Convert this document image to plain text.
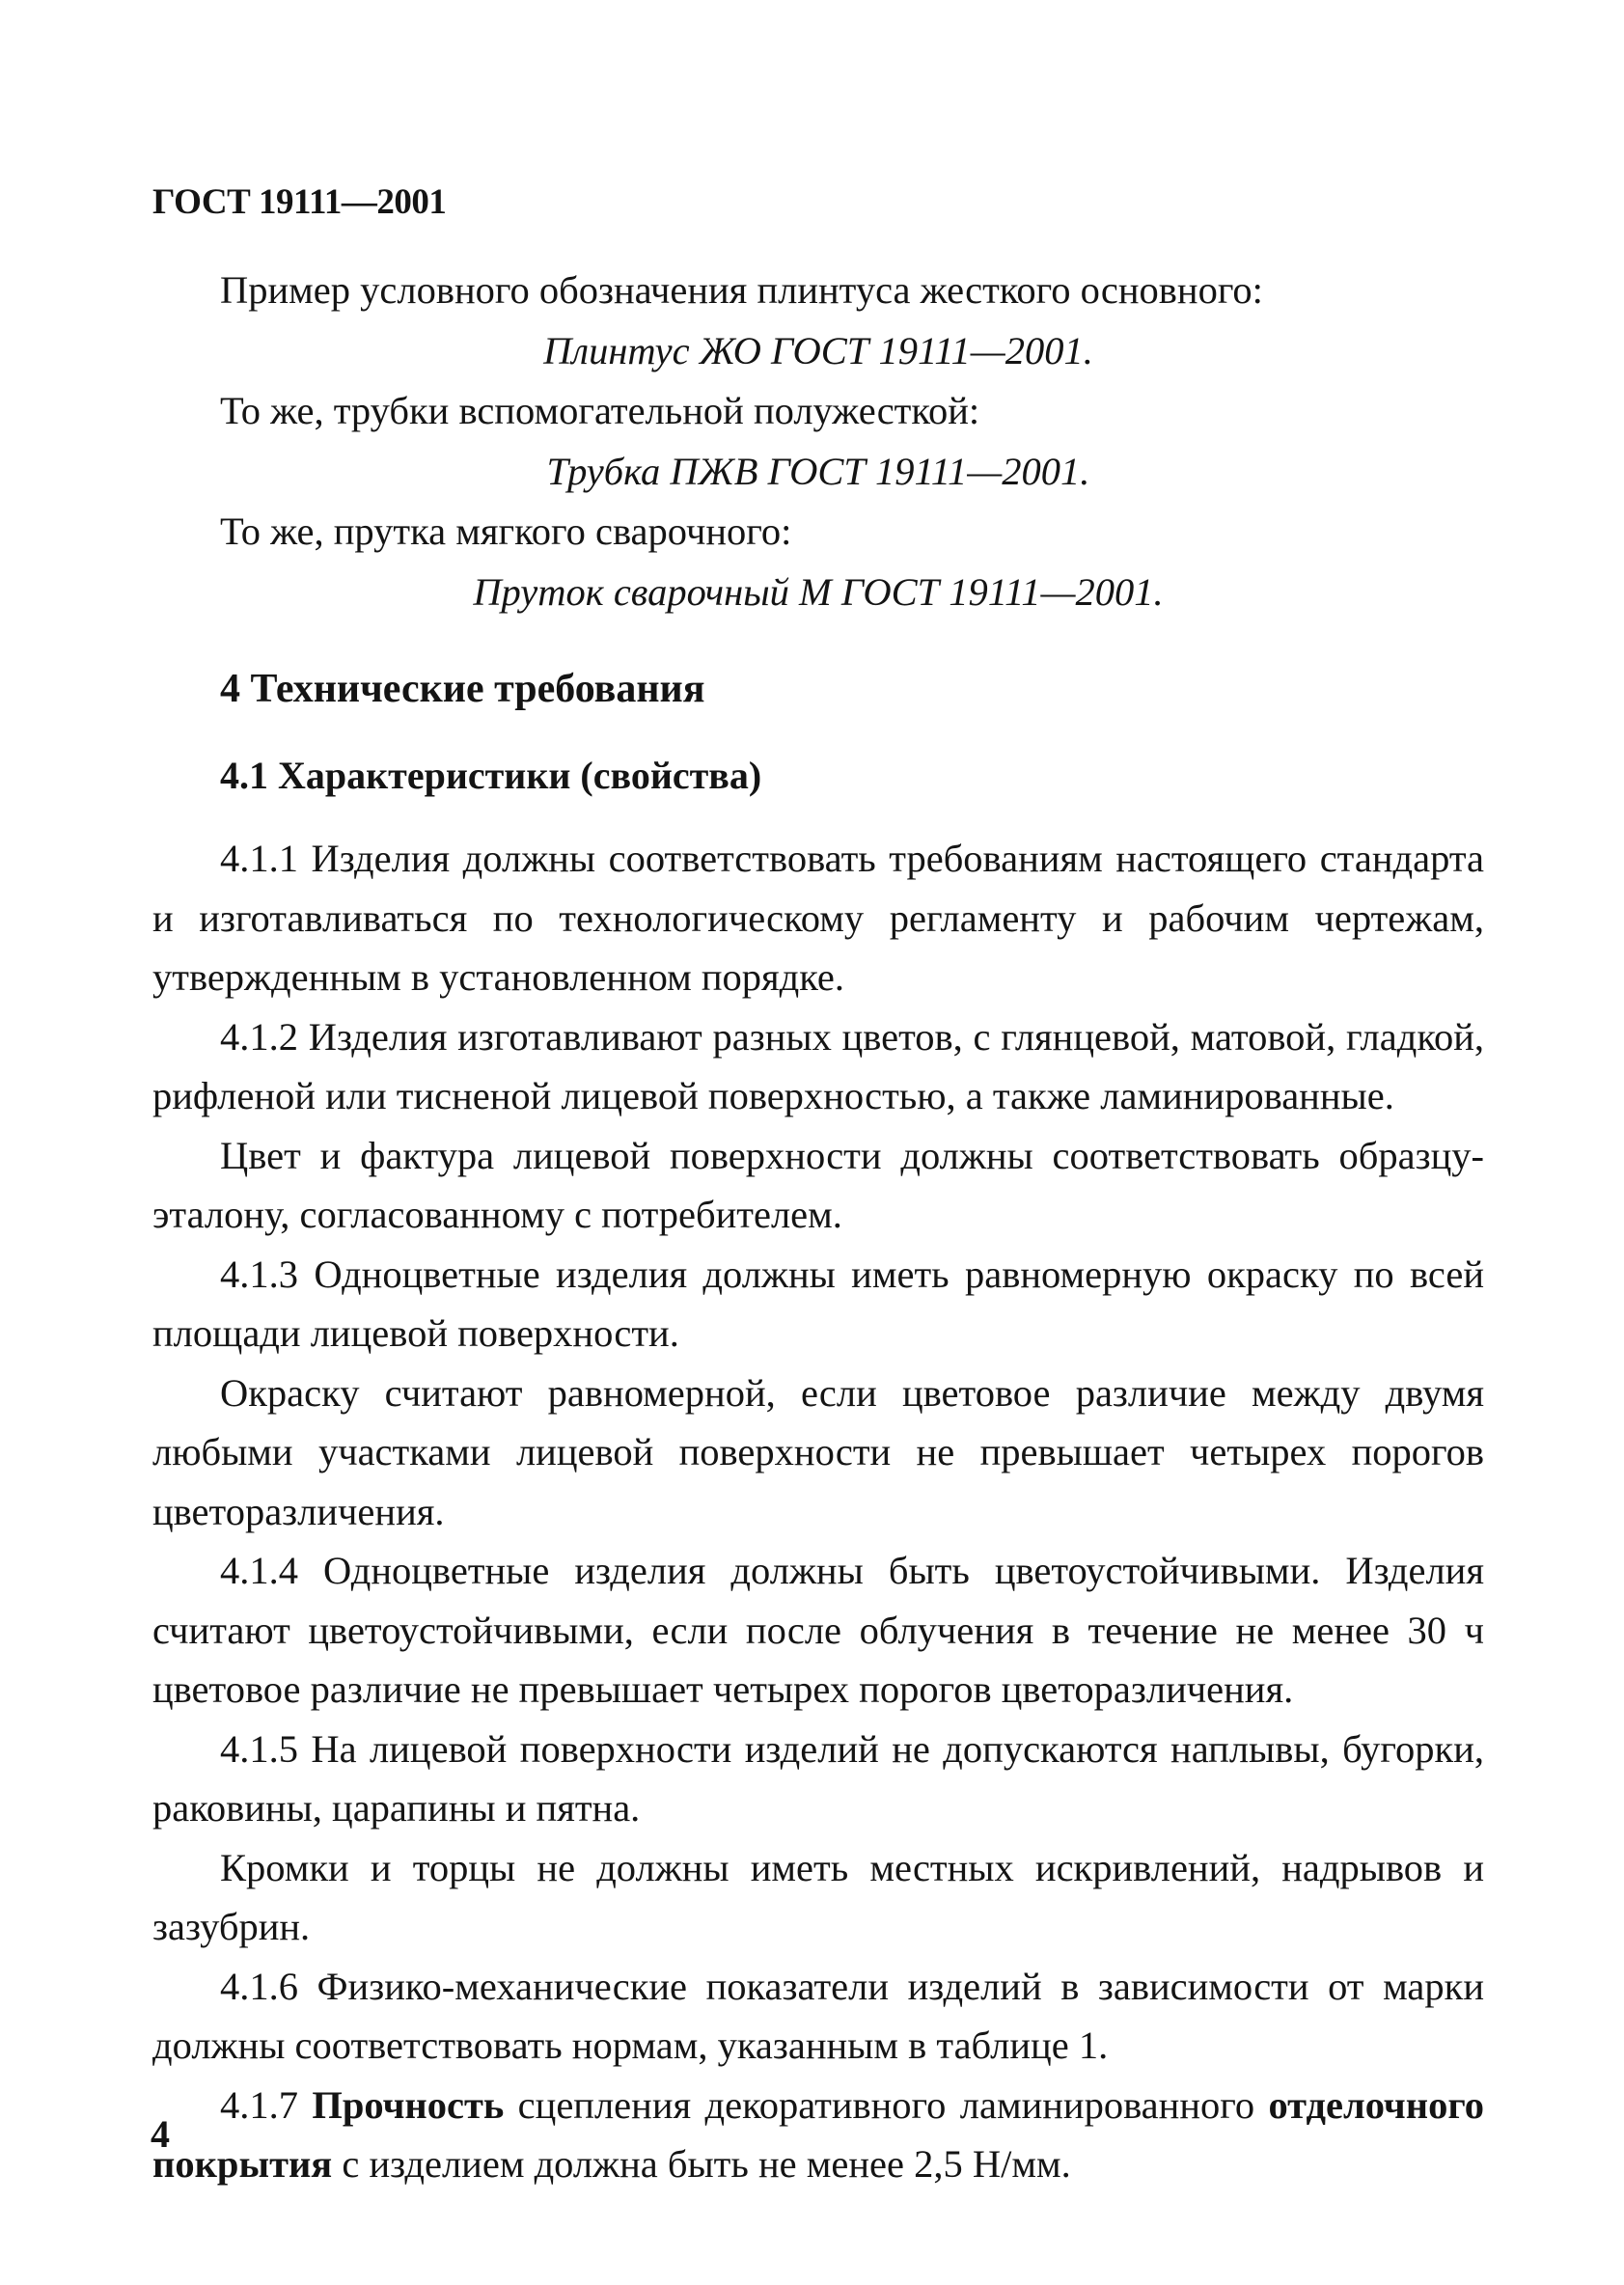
ГОСТ 19111—2001

Пример условного обозначения плинтуса жесткого основного:

Плинтус ЖО ГОСТ 19111—2001.

То же, трубки вспомогательной полужесткой:

Трубка ПЖВ ГОСТ 19111—2001.

То же, прутка мягкого сварочного:

Пруток сварочный М ГОСТ 19111—2001.

4 Технические требования
4.1 Характеристики (свойства)

4.1.1 Изделия должны соответствовать требованиям настоящего стандарта и изготавливаться по технологическому регламенту и рабочим чертежам, утвержденным в установленном порядке.

4.1.2 Изделия изготавливают разных цветов, с глянцевой, матовой, гладкой, рифленой или тисненой лицевой поверхностью, а также ламинированные.

Цвет и фактура лицевой поверхности должны соответствовать образцу-эталону, согласованному с потребителем.

4.1.3 Одноцветные изделия должны иметь равномерную окраску по всей площади лицевой поверхности.

Окраску считают равномерной, если цветовое различие между двумя любыми участками лицевой поверхности не превышает четырех порогов цветоразличения.

4.1.4 Одноцветные изделия должны быть цветоустойчивыми. Изделия считают цветоустойчивыми, если после облучения в течение не менее 30 ч цветовое различие не превышает четырех порогов цветоразличения.

4.1.5 На лицевой поверхности изделий не допускаются наплывы, бугорки, раковины, царапины и пятна.

Кромки и торцы не должны иметь местных искривлений, надрывов и зазубрин.

4.1.6 Физико-механические показатели изделий в зависимости от марки должны соответствовать нормам, указанным в таблице 1.

4.1.7 Прочность сцепления декоративного ламинированного отделочного покрытия с изделием должна быть не менее 2,5 Н/мм.

4
